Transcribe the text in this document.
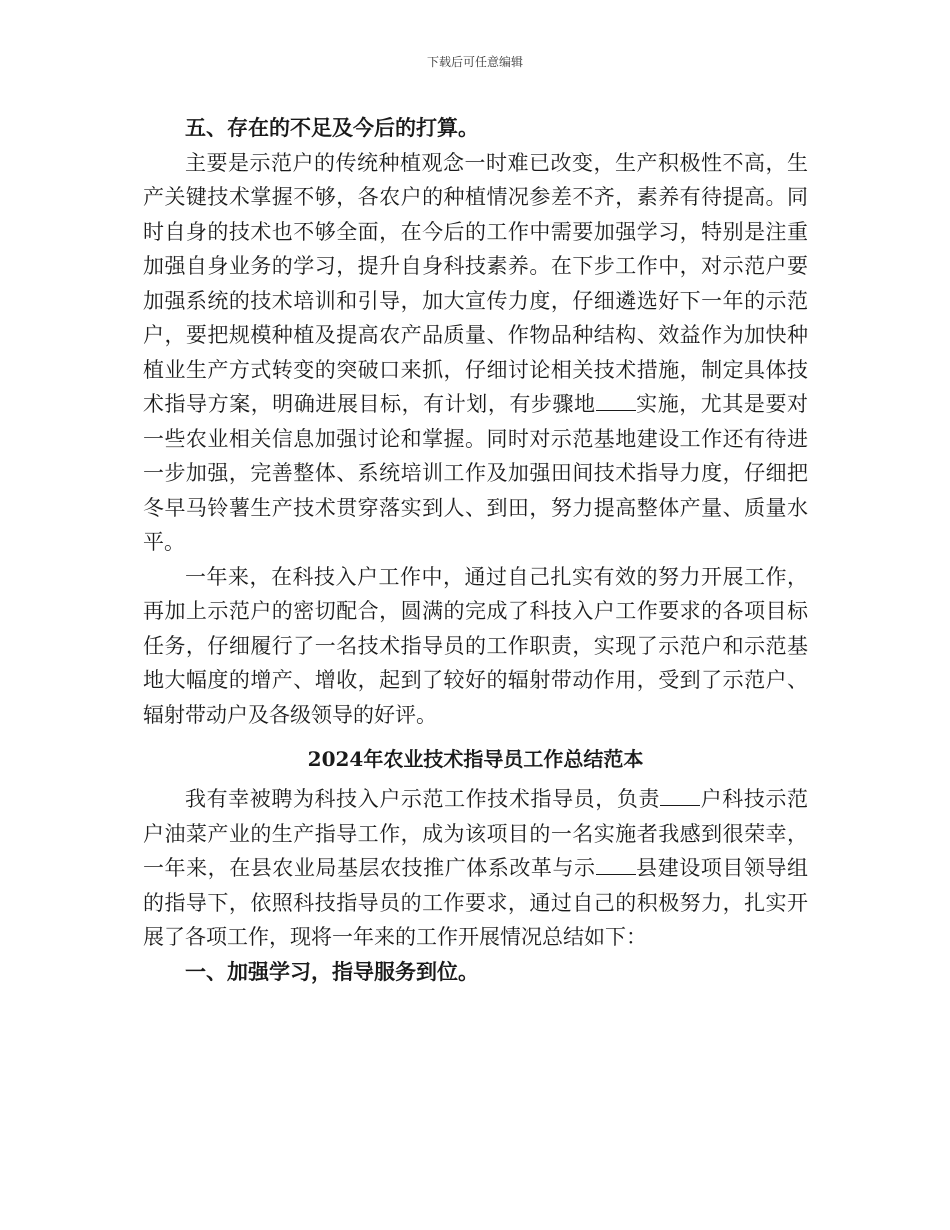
下载后可任意编辑

五、存在的不足及今后的打算。

主要是示范户的传统种植观念一时难已改变，生产积极性不高，生产关键技术掌握不够，各农户的种植情况参差不齐，素养有待提高。同时自身的技术也不够全面，在今后的工作中需要加强学习，特别是注重加强自身业务的学习，提升自身科技素养。在下步工作中，对示范户要加强系统的技术培训和引导，加大宣传力度，仔细遴选好下一年的示范户，要把规模种植及提高农产品质量、作物品种结构、效益作为加快种植业生产方式转变的突破口来抓，仔细讨论相关技术措施，制定具体技术指导方案，明确进展目标，有计划，有步骤地 实施，尤其是要对一些农业相关信息加强讨论和掌握。同时对示范基地建设工作还有待进一步加强，完善整体、系统培训工作及加强田间技术指导力度，仔细把冬早马铃薯生产技术贯穿落实到人、到田，努力提高整体产量、质量水平。

一年来，在科技入户工作中，通过自己扎实有效的努力开展工作，再加上示范户的密切配合，圆满的完成了科技入户工作要求的各项目标任务，仔细履行了一名技术指导员的工作职责，实现了示范户和示范基地大幅度的增产、增收，起到了较好的辐射带动作用，受到了示范户、辐射带动户及各级领导的好评。

2024年农业技术指导员工作总结范本

我有幸被聘为科技入户示范工作技术指导员，负责 户科技示范户油菜产业的生产指导工作，成为该项目的一名实施者我感到很荣幸，一年来，在县农业局基层农技推广体系改革与示 县建设项目领导组的指导下，依照科技指导员的工作要求，通过自己的积极努力，扎实开展了各项工作，现将一年来的工作开展情况总结如下：

一、加强学习，指导服务到位。
